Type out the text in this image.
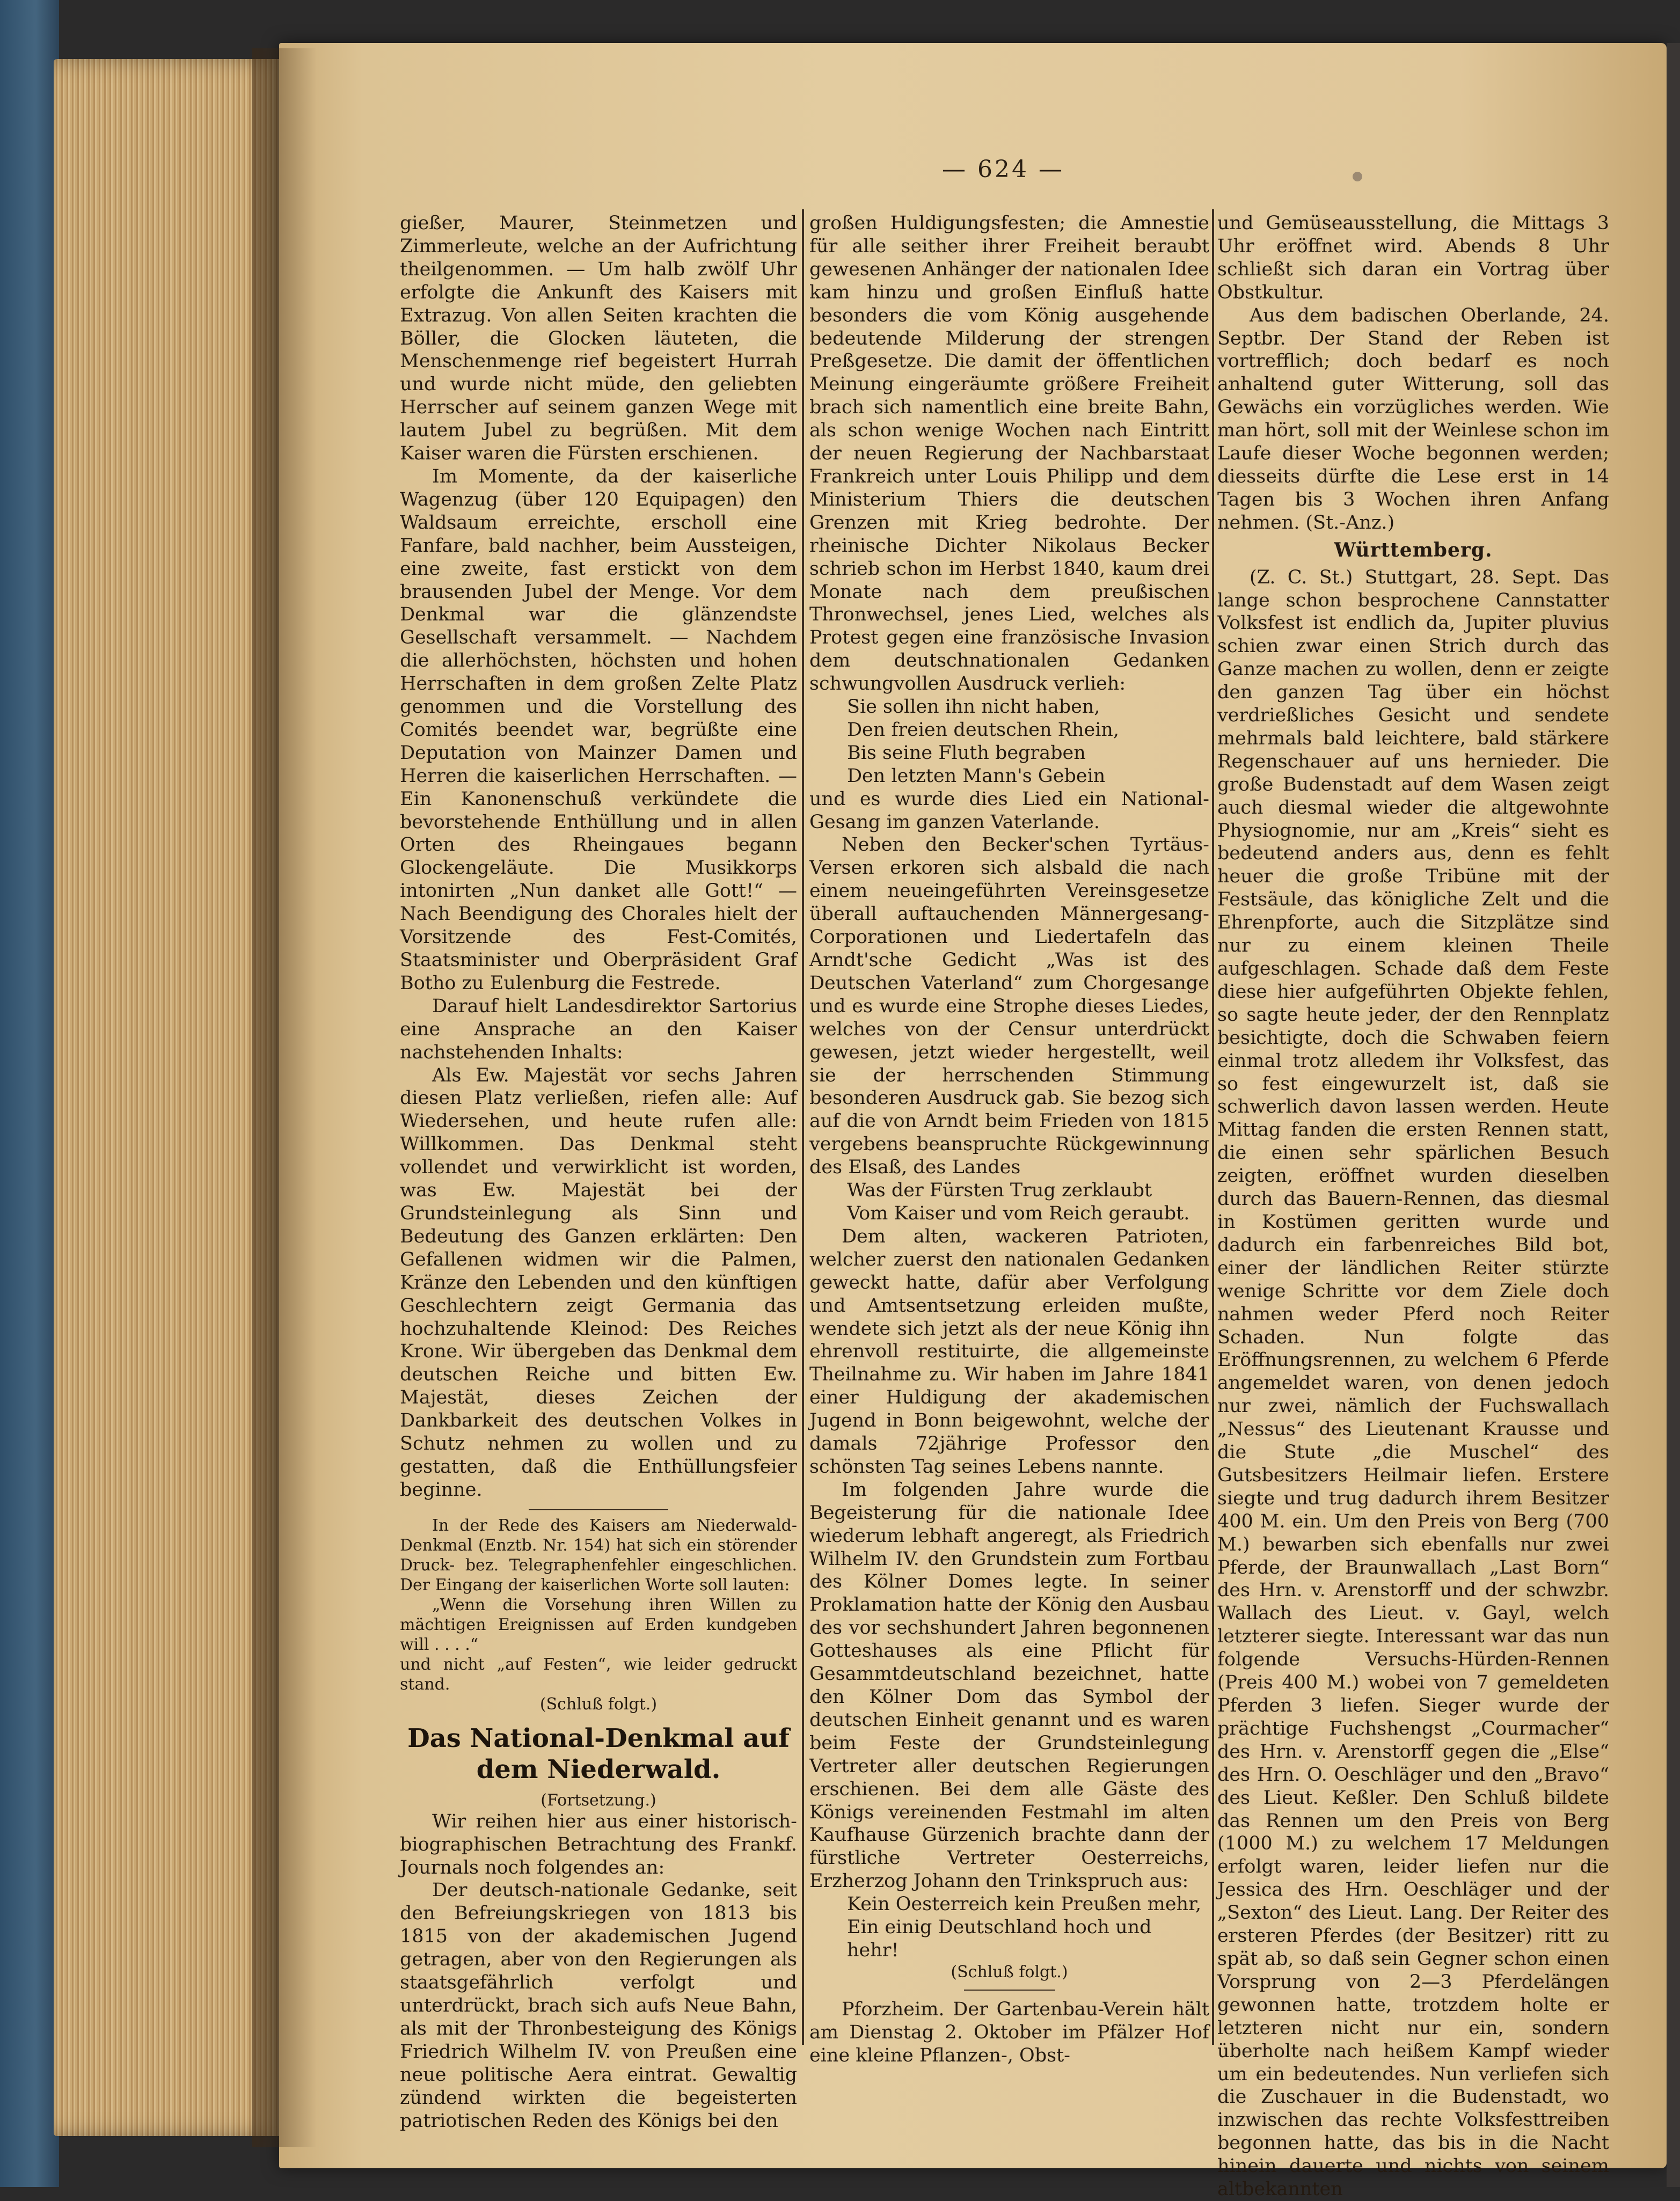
— 624 —

gießer, Maurer, Steinmetzen und Zimmerleute, welche an der Aufrichtung theilgenommen. — Um halb zwölf Uhr erfolgte die Ankunft des Kaisers mit Extrazug. Von allen Seiten krachten die Böller, die Glocken läuteten, die Menschenmenge rief begeistert Hurrah und wurde nicht müde, den geliebten Herrscher auf seinem ganzen Wege mit lautem Jubel zu begrüßen. Mit dem Kaiser waren die Fürsten erschienen.

Im Momente, da der kaiserliche Wagenzug (über 120 Equipagen) den Waldsaum erreichte, erscholl eine Fanfare, bald nachher, beim Aussteigen, eine zweite, fast erstickt von dem brausenden Jubel der Menge. Vor dem Denkmal war die glänzendste Gesellschaft versammelt. — Nachdem die allerhöchsten, höchsten und hohen Herrschaften in dem großen Zelte Platz genommen und die Vorstellung des Comités beendet war, begrüßte eine Deputation von Mainzer Damen und Herren die kaiserlichen Herrschaften. — Ein Kanonenschuß verkündete die bevorstehende Enthüllung und in allen Orten des Rheingaues begann Glockengeläute. Die Musikkorps intonirten „Nun danket alle Gott!“ — Nach Beendigung des Chorales hielt der Vorsitzende des Fest-Comités, Staatsminister und Oberpräsident Graf Botho zu Eulenburg die Festrede.

Darauf hielt Landesdirektor Sartorius eine Ansprache an den Kaiser nachstehenden Inhalts:

Als Ew. Majestät vor sechs Jahren diesen Platz verließen, riefen alle: Auf Wiedersehen, und heute rufen alle: Willkommen. Das Denkmal steht vollendet und verwirklicht ist worden, was Ew. Majestät bei der Grundsteinlegung als Sinn und Bedeutung des Ganzen erklärten: Den Gefallenen widmen wir die Palmen, Kränze den Lebenden und den künftigen Geschlechtern zeigt Germania das hochzuhaltende Kleinod: Des Reiches Krone. Wir übergeben das Denkmal dem deutschen Reiche und bitten Ew. Majestät, dieses Zeichen der Dankbarkeit des deutschen Volkes in Schutz nehmen zu wollen und zu gestatten, daß die Enthüllungsfeier beginne.

In der Rede des Kaisers am Niederwald-Denkmal (Enztb. Nr. 154) hat sich ein störender Druck- bez. Telegraphenfehler eingeschlichen. Der Eingang der kaiserlichen Worte soll lauten:

„Wenn die Vorsehung ihren Willen zu mächtigen Ereignissen auf Erden kundgeben will . . . .“

und nicht „auf Festen“, wie leider gedruckt stand.

(Schluß folgt.)

Das National-Denkmal auf dem Niederwald.

(Fortsetzung.)

Wir reihen hier aus einer historisch-biographischen Betrachtung des Frankf. Journals noch folgendes an:

Der deutsch-nationale Gedanke, seit den Befreiungskriegen von 1813 bis 1815 von der akademischen Jugend getragen, aber von den Regierungen als staatsgefährlich verfolgt und unterdrückt, brach sich aufs Neue Bahn, als mit der Thronbesteigung des Königs Friedrich Wilhelm IV. von Preußen eine neue politische Aera eintrat. Gewaltig zündend wirkten die begeisterten patriotischen Reden des Königs bei den

großen Huldigungsfesten; die Amnestie für alle seither ihrer Freiheit beraubt gewesenen Anhänger der nationalen Idee kam hinzu und großen Einfluß hatte besonders die vom König ausgehende bedeutende Milderung der strengen Preßgesetze. Die damit der öffentlichen Meinung eingeräumte größere Freiheit brach sich namentlich eine breite Bahn, als schon wenige Wochen nach Eintritt der neuen Regierung der Nachbarstaat Frankreich unter Louis Philipp und dem Ministerium Thiers die deutschen Grenzen mit Krieg bedrohte. Der rheinische Dichter Nikolaus Becker schrieb schon im Herbst 1840, kaum drei Monate nach dem preußischen Thronwechsel, jenes Lied, welches als Protest gegen eine französische Invasion dem deutschnationalen Gedanken schwungvollen Ausdruck verlieh:

Sie sollen ihn nicht haben,

Den freien deutschen Rhein,

Bis seine Fluth begraben

Den letzten Mann's Gebein

und es wurde dies Lied ein National-Gesang im ganzen Vaterlande.

Neben den Becker'schen Tyrtäus-Versen erkoren sich alsbald die nach einem neueingeführten Vereinsgesetze überall auftauchenden Männergesang-Corporationen und Liedertafeln das Arndt'sche Gedicht „Was ist des Deutschen Vaterland“ zum Chorgesange und es wurde eine Strophe dieses Liedes, welches von der Censur unterdrückt gewesen, jetzt wieder hergestellt, weil sie der herrschenden Stimmung besonderen Ausdruck gab. Sie bezog sich auf die von Arndt beim Frieden von 1815 vergebens beanspruchte Rückgewinnung des Elsaß, des Landes

Was der Fürsten Trug zerklaubt

Vom Kaiser und vom Reich geraubt.

Dem alten, wackeren Patrioten, welcher zuerst den nationalen Gedanken geweckt hatte, dafür aber Verfolgung und Amtsentsetzung erleiden mußte, wendete sich jetzt als der neue König ihn ehrenvoll restituirte, die allgemeinste Theilnahme zu. Wir haben im Jahre 1841 einer Huldigung der akademischen Jugend in Bonn beigewohnt, welche der damals 72jährige Professor den schönsten Tag seines Lebens nannte.

Im folgenden Jahre wurde die Begeisterung für die nationale Idee wiederum lebhaft angeregt, als Friedrich Wilhelm IV. den Grundstein zum Fortbau des Kölner Domes legte. In seiner Proklamation hatte der König den Ausbau des vor sechshundert Jahren begonnenen Gotteshauses als eine Pflicht für Gesammtdeutschland bezeichnet, hatte den Kölner Dom das Symbol der deutschen Einheit genannt und es waren beim Feste der Grundsteinlegung Vertreter aller deutschen Regierungen erschienen. Bei dem alle Gäste des Königs vereinenden Festmahl im alten Kaufhause Gürzenich brachte dann der fürstliche Vertreter Oesterreichs, Erzherzog Johann den Trinkspruch aus:

Kein Oesterreich kein Preußen mehr,

Ein einig Deutschland hoch und hehr!

(Schluß folgt.)

Pforzheim. Der Gartenbau-Verein hält am Dienstag 2. Oktober im Pfälzer Hof eine kleine Pflanzen-, Obst-

und Gemüseausstellung, die Mittags 3 Uhr eröffnet wird. Abends 8 Uhr schließt sich daran ein Vortrag über Obstkultur.

Aus dem badischen Oberlande, 24. Septbr. Der Stand der Reben ist vortrefflich; doch bedarf es noch anhaltend guter Witterung, soll das Gewächs ein vorzügliches werden. Wie man hört, soll mit der Weinlese schon im Laufe dieser Woche begonnen werden; diesseits dürfte die Lese erst in 14 Tagen bis 3 Wochen ihren Anfang nehmen. (St.-Anz.)

Württemberg.

(Z. C. St.) Stuttgart, 28. Sept. Das lange schon besprochene Cannstatter Volksfest ist endlich da, Jupiter pluvius schien zwar einen Strich durch das Ganze machen zu wollen, denn er zeigte den ganzen Tag über ein höchst verdrießliches Gesicht und sendete mehrmals bald leichtere, bald stärkere Regenschauer auf uns hernieder. Die große Budenstadt auf dem Wasen zeigt auch diesmal wieder die altgewohnte Physiognomie, nur am „Kreis“ sieht es bedeutend anders aus, denn es fehlt heuer die große Tribüne mit der Festsäule, das königliche Zelt und die Ehrenpforte, auch die Sitzplätze sind nur zu einem kleinen Theile aufgeschlagen. Schade daß dem Feste diese hier aufgeführten Objekte fehlen, so sagte heute jeder, der den Rennplatz besichtigte, doch die Schwaben feiern einmal trotz alledem ihr Volksfest, das so fest eingewurzelt ist, daß sie schwerlich davon lassen werden. Heute Mittag fanden die ersten Rennen statt, die einen sehr spärlichen Besuch zeigten, eröffnet wurden dieselben durch das Bauern-Rennen, das diesmal in Kostümen geritten wurde und dadurch ein farbenreiches Bild bot, einer der ländlichen Reiter stürzte wenige Schritte vor dem Ziele doch nahmen weder Pferd noch Reiter Schaden. Nun folgte das Eröffnungsrennen, zu welchem 6 Pferde angemeldet waren, von denen jedoch nur zwei, nämlich der Fuchswallach „Nessus“ des Lieutenant Krausse und die Stute „die Muschel“ des Gutsbesitzers Heilmair liefen. Erstere siegte und trug dadurch ihrem Besitzer 400 M. ein. Um den Preis von Berg (700 M.) bewarben sich ebenfalls nur zwei Pferde, der Braunwallach „Last Born“ des Hrn. v. Arenstorff und der schwzbr. Wallach des Lieut. v. Gayl, welch letzterer siegte. Interessant war das nun folgende Versuchs-Hürden-Rennen (Preis 400 M.) wobei von 7 gemeldeten Pferden 3 liefen. Sieger wurde der prächtige Fuchshengst „Courmacher“ des Hrn. v. Arenstorff gegen die „Else“ des Hrn. O. Oeschläger und den „Bravo“ des Lieut. Keßler. Den Schluß bildete das Rennen um den Preis von Berg (1000 M.) zu welchem 17 Meldungen erfolgt waren, leider liefen nur die Jessica des Hrn. Oeschläger und der „Sexton“ des Lieut. Lang. Der Reiter des ersteren Pferdes (der Besitzer) ritt zu spät ab, so daß sein Gegner schon einen Vorsprung von 2—3 Pferdelängen gewonnen hatte, trotzdem holte er letzteren nicht nur ein, sondern überholte nach heißem Kampf wieder um ein bedeutendes. Nun verliefen sich die Zuschauer in die Budenstadt, wo inzwischen das rechte Volksfesttreiben begonnen hatte, das bis in die Nacht hinein dauerte und nichts von seinem altbekannten
